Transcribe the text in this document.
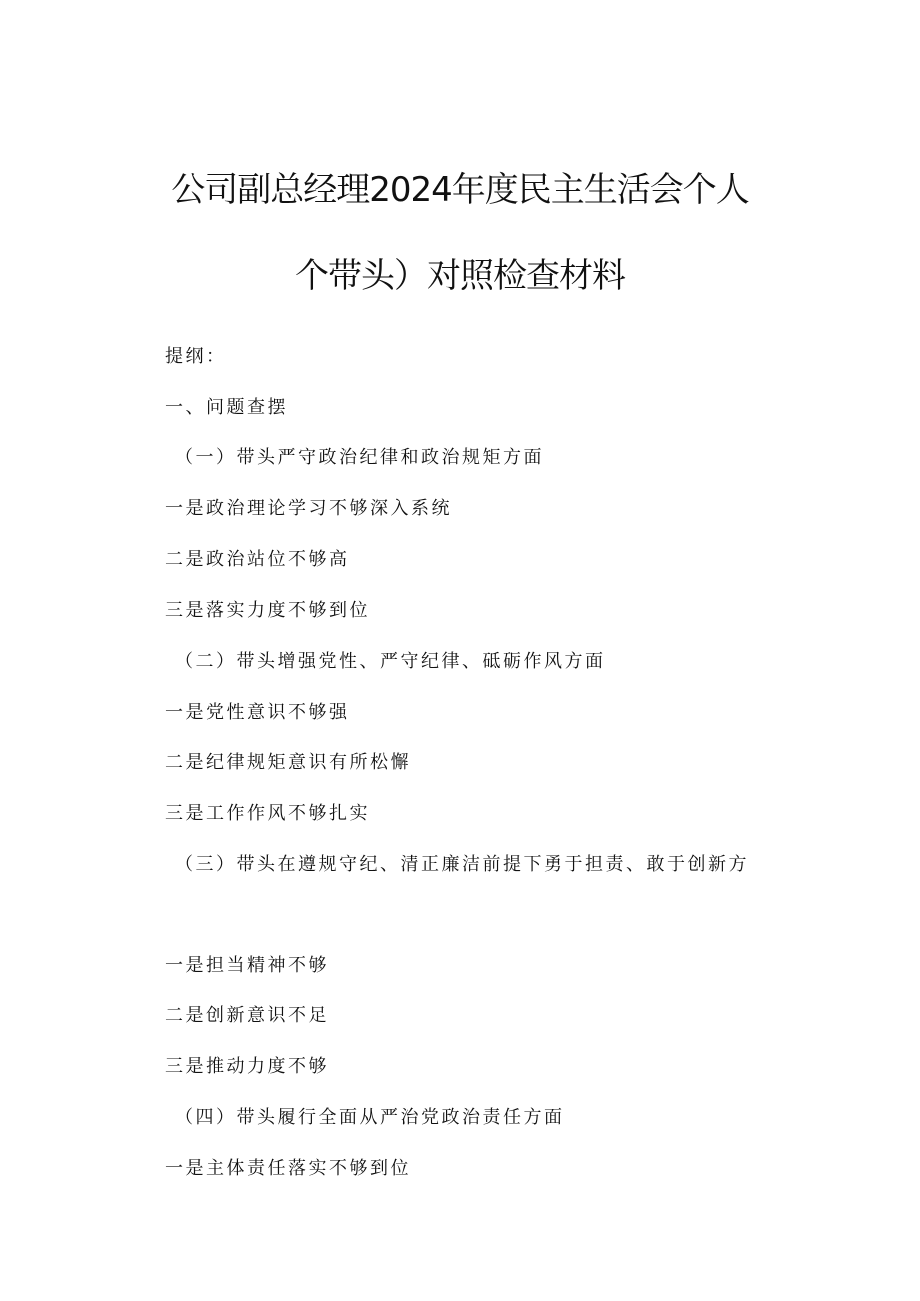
公司副总经理2024年度民主生活会个人
个带头）对照检查材料
提纲：
一、问题查摆
（一）带头严守政治纪律和政治规矩方面
一是政治理论学习不够深入系统
二是政治站位不够高
三是落实力度不够到位
（二）带头增强党性、严守纪律、砥砺作风方面
一是党性意识不够强
二是纪律规矩意识有所松懈
三是工作作风不够扎实
（三）带头在遵规守纪、清正廉洁前提下勇于担责、敢于创新方
一是担当精神不够
二是创新意识不足
三是推动力度不够
（四）带头履行全面从严治党政治责任方面
一是主体责任落实不够到位
